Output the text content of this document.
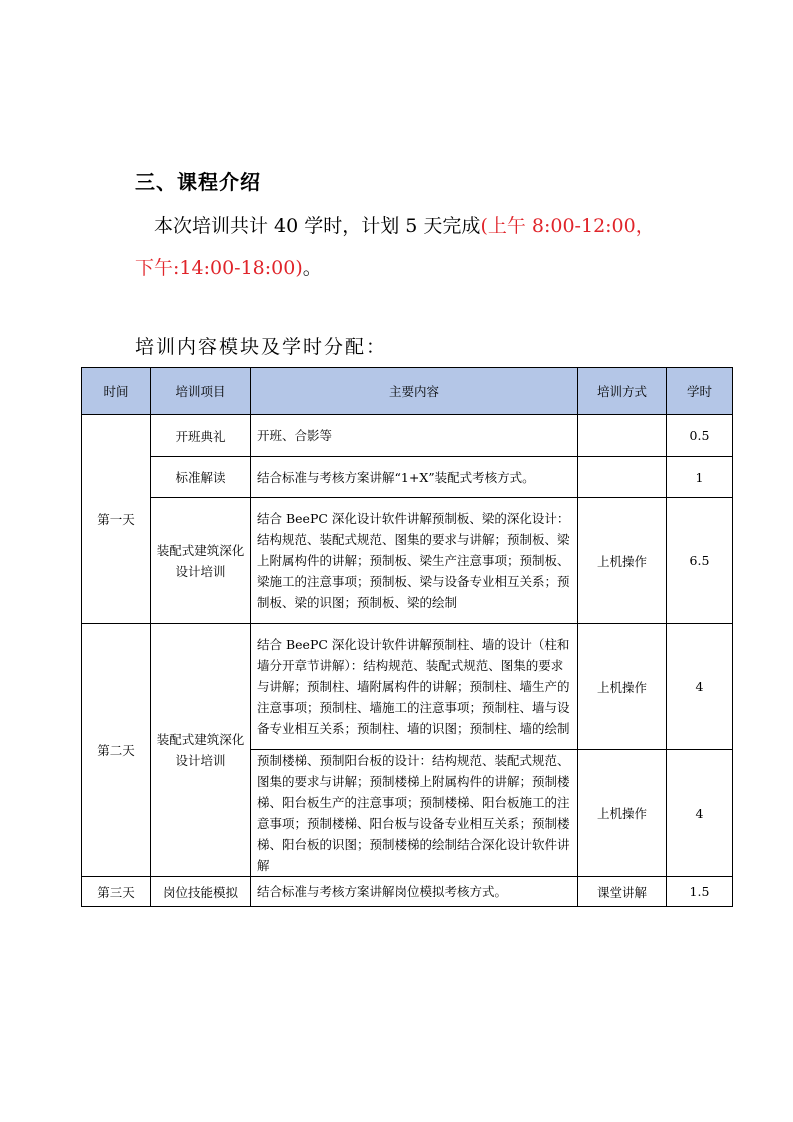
三、课程介绍
本次培训共计 40 学时，计划 5 天完成(上午 8:00-12:00，
下午:14:00-18:00)。
培训内容模块及学时分配：
时间	培训项目	主要内容	培训方式	学时
第一天	开班典礼	开班、合影等		0.5
	标准解读	结合标准与考核方案讲解“1+X”装配式考核方式。		1
	装配式建筑深化设计培训	结合 BeePC 深化设计软件讲解预制板、梁的深化设计：结构规范、装配式规范、图集的要求与讲解；预制板、梁上附属构件的讲解；预制板、梁生产注意事项；预制板、梁施工的注意事项；预制板、梁与设备专业相互关系；预制板、梁的识图；预制板、梁的绘制	上机操作	6.5
第二天	装配式建筑深化设计培训	结合 BeePC 深化设计软件讲解预制柱、墙的设计（柱和墙分开章节讲解）：结构规范、装配式规范、图集的要求与讲解；预制柱、墙附属构件的讲解；预制柱、墙生产的注意事项；预制柱、墙施工的注意事项；预制柱、墙与设备专业相互关系；预制柱、墙的识图；预制柱、墙的绘制	上机操作	4
		预制楼梯、预制阳台板的设计：结构规范、装配式规范、图集的要求与讲解；预制楼梯上附属构件的讲解；预制楼梯、阳台板生产的注意事项；预制楼梯、阳台板施工的注意事项；预制楼梯、阳台板与设备专业相互关系；预制楼梯、阳台板的识图；预制楼梯的绘制结合深化设计软件讲解	上机操作	4
第三天	岗位技能模拟	结合标准与考核方案讲解岗位模拟考核方式。	课堂讲解	1.5
